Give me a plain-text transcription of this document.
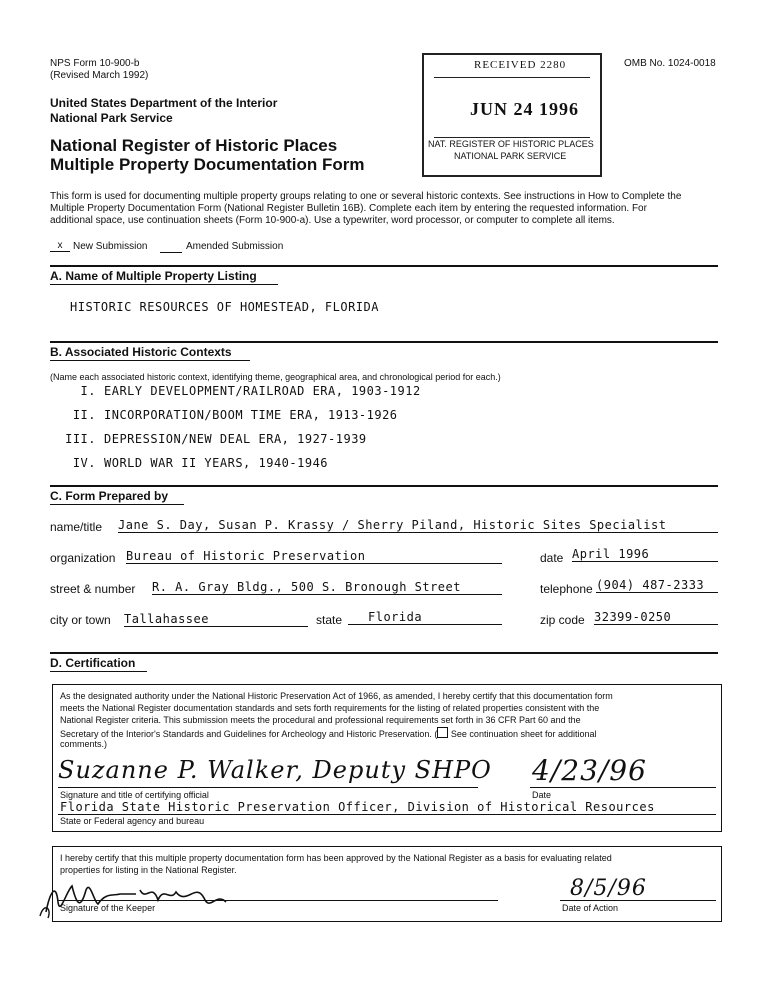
NPS Form 10-900-b
(Revised March 1992)
OMB No. 1024-0018
United States Department of the Interior
National Park Service
National Register of Historic Places
Multiple Property Documentation Form
RECEIVED 2280
JUN 24 1996
NAT. REGISTER OF HISTORIC PLACES
NATIONAL PARK SERVICE
This form is used for documenting multiple property groups relating to one or several historic contexts. See instructions in How to Complete the
Multiple Property Documentation Form (National Register Bulletin 16B). Complete each item by entering the requested information. For
additional space, use continuation sheets (Form 10-900-a). Use a typewriter, word processor, or computer to complete all items.
x	New Submission	Amended Submission
A. Name of Multiple Property Listing
HISTORIC RESOURCES OF HOMESTEAD, FLORIDA
B. Associated Historic Contexts
(Name each associated historic context, identifying theme, geographical area, and chronological period for each.)
I. EARLY DEVELOPMENT/RAILROAD ERA, 1903-1912
II. INCORPORATION/BOOM TIME ERA, 1913-1926
III. DEPRESSION/NEW DEAL ERA, 1927-1939
IV. WORLD WAR II YEARS, 1940-1946
C. Form Prepared by
name/title Jane S. Day, Susan P. Krassy / Sherry Piland, Historic Sites Specialist
organization Bureau of Historic Preservation	date April 1996
street & number R. A. Gray Bldg., 500 S. Bronough Street	telephone (904) 487-2333
city or town Tallahassee	state	Florida	zip code 32399-0250
D. Certification
As the designated authority under the National Historic Preservation Act of 1966, as amended, I hereby certify that this documentation form
meets the National Register documentation standards and sets forth requirements for the listing of related properties consistent with the
National Register criteria. This submission meets the procedural and professional requirements set forth in 36 CFR Part 60 and the
Secretary of the Interior's Standards and Guidelines for Archeology and Historic Preservation. ( See continuation sheet for additional
comments.)
Suzanne P. Walker, Deputy SHPO 4/23/96
Signature and title of certifying official	Date
Florida State Historic Preservation Officer, Division of Historical Resources
State or Federal agency and bureau
I hereby certify that this multiple property documentation form has been approved by the National Register as a basis for evaluating related
properties for listing in the National Register.
Signature of the Keeper
8/5/96
Date of Action
